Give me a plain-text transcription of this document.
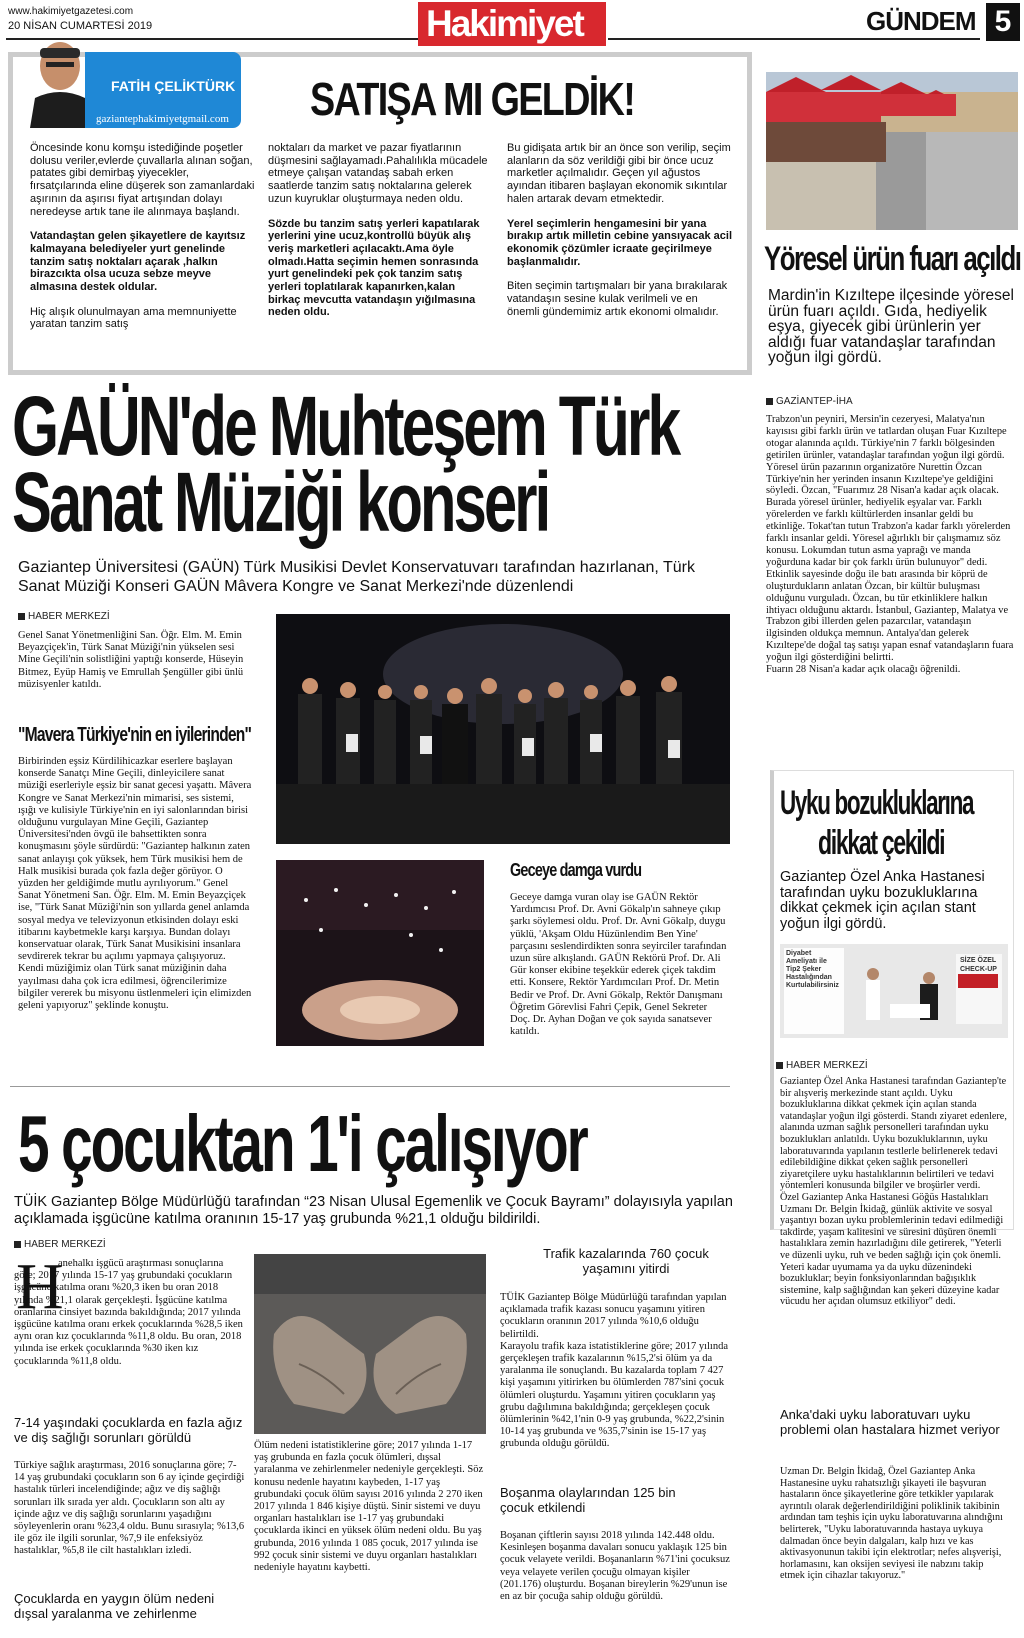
www.hakimiyetgazetesi.com
20 NİSAN CUMARTESİ 2019	Hakimiyet	GÜNDEM 5
FATİH ÇELİKTÜRK
gaziantephakimiyetgmail.com SATIŞA MI GELDİK!
Öncesinde konu komşu istediğinde poşetler dolusu veriler,evlerde çuvallarla alınan soğan, patates gibi demirbaş yiyecekler, fırsatçılarında eline düşerek son zamanlardaki aşırının da aşırısı fiyat artışından dolayı neredeyse artık tane ile alınmaya başlandı.
Vatandaştan gelen şikayetlere de kayıtsız kalmayana belediyeler yurt genelinde tanzim satış noktaları açarak ,halkın birazcıkta olsa ucuza sebze meyve almasına destek oldular.
Hiç alışık olunulmayan ama memnuniyette yaratan tanzim satış
noktaları da market ve pazar fiyatlarının düşmesini sağlayamadı.Pahalılıkla mücadele etmeye çalışan vatandaş sabah erken saatlerde tanzim satış noktalarına gelerek uzun kuyruklar oluşturmaya neden oldu.
Sözde bu tanzim satış yerleri kapatılarak yerlerini yine ucuz,kontrollü büyük alış veriş marketleri açılacaktı.Ama öyle olmadı.Hatta seçimin hemen sonrasında yurt genelindeki pek çok tanzim satış yerleri toplatılarak kapanırken,kalan birkaç mevcutta vatandaşın yığılmasına neden oldu.
Bu gidişata artık bir an önce son verilip, seçim alanların da söz verildiği gibi bir önce ucuz marketler açılmalıdır. Geçen yıl ağustos ayından itibaren başlayan ekonomik sıkıntılar halen artarak devam etmektedir.
Yerel seçimlerin hengamesini bir yana bırakıp artık milletin cebine yansıyacak acil ekonomik çözümler icraate geçirilmeye başlanmalıdır.
Biten seçimin tartışmaları bir yana bırakılarak vatandaşın sesine kulak verilmeli ve en önemli gündemimiz artık ekonomi olmalıdır.
Yöresel ürün fuarı açıldı
Mardin'in Kızıltepe ilçesinde yöresel ürün fuarı açıldı. Gıda, hediyelik eşya, giyecek gibi ürünlerin yer aldığı fuar vatandaşlar tarafından yoğun ilgi gördü.
GAZİANTEP-İHA
Trabzon'un peyniri, Mersin'in cezeryesi, Malatya'nın kayısısı gibi farklı ürün ve tatlardan oluşan Fuar Kızıltepe otogar alanında açıldı. Türkiye'nin 7 farklı bölgesinden getirilen ürünler, vatandaşlar tarafından yoğun ilgi gördü. Yöresel ürün pazarının organizatöre Nurettin Özcan Türkiye'nin her yerinden insanın Kızıltepe'ye geldiğini söyledi. Özcan, "Fuarımız 28 Nisan'a kadar açık olacak. Burada yöresel ürünler, hediyelik eşyalar var. Farklı yörelerden ve farklı kültürlerden insanlar geldi bu etkinliğe. Tokat'tan tutun Trabzon'a kadar farklı yörelerden farklı insanlar geldi. Yöresel ağırlıklı bir çalışmamız söz konusu. Lokumdan tutun asma yaprağı ve manda yoğurduna kadar bir çok farklı ürün bulunuyor" dedi.
Etkinlik sayesinde doğu ile batı arasında bir köprü de oluşturdukların anlatan Özcan, bir kültür buluşması olduğunu vurguladı. Özcan, bu tür etkinliklere halkın ihtiyacı olduğunu aktardı. İstanbul, Gaziantep, Malatya ve Trabzon gibi illerden gelen pazarcılar, vatandaşın ilgisinden oldukça memnun. Antalya'dan gelerek Kızıltepe'de doğal taş satışı yapan esnaf vatandaşların fuara yoğun ilgi gösterdiğini belirtti.
Fuarın 28 Nisan'a kadar açık olacağı öğrenildi.
GAÜN'de Muhteşem Türk
Sanat Müziği konseri
Gaziantep Üniversitesi (GAÜN) Türk Musikisi Devlet Konservatuvarı tarafından hazırlanan, Türk Sanat Müziği Konseri GAÜN Mâvera Kongre ve Sanat Merkezi'nde düzenlendi
HABER MERKEZİ
Genel Sanat Yönetmenliğini San. Öğr. Elm. M. Emin Beyazçiçek'in, Türk Sanat Müziği'nin yükselen sesi Mine Geçili'nin solistliğini yaptığı konserde, Hüseyin Bitmez, Eyüp Hamiş ve Emrullah Şengüller gibi ünlü müzisyenler katıldı.
"Mavera Türkiye'nin en iyilerinden"
Birbirinden eşsiz Kürdilihicazkar eserlere başlayan konserde Sanatçı Mine Geçili, dinleyicilere sanat müziği eserleriyle eşsiz bir sanat gecesi yaşattı. Mâvera Kongre ve Sanat Merkezi'nin mimarisi, ses sistemi, ışığı ve kulisiyle Türkiye'nin en iyi salonlarından birisi olduğunu vurgulayan Mine Geçili, Gaziantep Üniversitesi'nden övgü ile bahsettikten sonra konuşmasını şöyle sürdürdü: "Gaziantep halkının zaten sanat anlayışı çok yüksek, hem Türk musikisi hem de Halk musikisi burada çok fazla değer görüyor. O yüzden her geldiğimde mutlu ayrılıyorum." Genel Sanat Yönetmeni San. Öğr. Elm. M. Emin Beyazçiçek ise, "Türk Sanat Müziği'nin son yıllarda genel anlamda sosyal medya ve televizyonun etkisinden dolayı eski itibarını kaybetmekle karşı karşıya. Bundan dolayı konservatuar olarak, Türk Sanat Musikisini insanlara sevdirerek tekrar bu açılımı yapmaya çalışıyoruz. Kendi müziğimiz olan Türk sanat müziğinin daha yayılması daha çok icra edilmesi, öğrencilerimize bilgiler vererek bu misyonu üstlenmeleri için elimizden geleni yapıyoruz" şeklinde konuştu.
Geceye damga vurdu
Geceye damga vuran olay ise GAÜN Rektör Yardımcısı Prof. Dr. Avni Gökalp'ın sahneye çıkıp şarkı söylemesi oldu. Prof. Dr. Avni Gökalp, duygu yüklü, 'Akşam Oldu Hüzünlendim Ben Yine' parçasını seslendirdikten sonra seyirciler tarafından uzun süre alkışlandı. GAÜN Rektörü Prof. Dr. Ali Gür konser ekibine teşekkür ederek çiçek takdim etti. Konsere, Rektör Yardımcıları Prof. Dr. Metin Bedir ve Prof. Dr. Avni Gökalp, Rektör Danışmanı Öğretim Görevlisi Fahri Çepik, Genel Sekreter Doç. Dr. Ayhan Doğan ve çok sayıda sanatsever katıldı.
Uyku bozukluklarına
dikkat çekildi
Gaziantep Özel Anka Hastanesi tarafından uyku bozukluklarına dikkat çekmek için açılan stant yoğun ilgi gördü.
Diyabet Ameliyatı ile Tip2 Şeker Hastalığından Kurtulabilirsiniz
SİZE ÖZEL CHECK-UP
HABER MERKEZİ
Gaziantep Özel Anka Hastanesi tarafından Gaziantep'te bir alışveriş merkezinde stant açıldı. Uyku bozukluklarına dikkat çekmek için açılan standa vatandaşlar yoğun ilgi gösterdi. Standı ziyaret edenlere, alanında uzman sağlık personelleri tarafından uyku bozuklukları anlatıldı. Uyku bozukluklarının, uyku laboratuvarında yapılanın testlerle belirlenerek tedavi edilebildiğine dikkat çeken sağlık personelleri ziyaretçilere uyku hastalıklarının belirtileri ve tedavi yöntemleri konusunda bilgiler ve broşürler verdi.
Özel Gaziantep Anka Hastanesi Göğüs Hastalıkları Uzmanı Dr. Belgin İkidağ, günlük aktivite ve sosyal yaşantıyı bozan uyku problemlerinin tedavi edilmediği takdirde, yaşam kalitesini ve süresini düşüren önemli hastalıklara zemin hazırladığını dile getirerek, "Yeterli ve düzenli uyku, ruh ve beden sağlığı için çok önemli. Yeteri kadar uyumama ya da uyku düzenindeki bozukluklar; beyin fonksiyonlarından bağışıklık sistemine, kalp sağlığından kan şekeri düzeyine kadar vücudu her açıdan olumsuz etkiliyor" dedi.
Anka'daki uyku laboratuvarı uyku problemi olan hastalara hizmet veriyor
Uzman Dr. Belgin İkidağ, Özel Gaziantep Anka Hastanesine uyku rahatsızlığı şikayeti ile başvuran hastaların önce şikayetlerine göre tetkikler yapılarak ayrıntılı olarak değerlendirildiğini poliklinik takibinin ardından tam teşhis için uyku laboratuvarına alındığını belirterek, "Uyku laboratuvarında hastaya uykuya dalmadan önce beyin dalgaları, kalp hızı ve kas aktivasyonunun takibi için elektrotlar; nefes alışverişi, horlamasını, kan oksijen seviyesi ile nabzını takip etmek için cihazlar takıyoruz."
5 çocuktan 1'i çalışıyor
TÜİK Gaziantep Bölge Müdürlüğü tarafından “23 Nisan Ulusal Egemenlik ve Çocuk Bayramı” dolayısıyla yapılan açıklamada işgücüne katılma oranının 15-17 yaş grubunda %21,1 olduğu bildirildi.
HABER MERKEZİ
H
anehalkı işgücü araştırması sonuçlarına göre; 2017 yılında 15-17 yaş grubundaki çocukların işgücüne katılma oranı %20,3 iken bu oran 2018 yılında %21,1 olarak gerçekleşti. İşgücüne katılma oranlarına cinsiyet bazında bakıldığında; 2017 yılında işgücüne katılma oranı erkek çocuklarında %28,5 iken aynı oran kız çocuklarında %11,8 oldu. Bu oran, 2018 yılında ise erkek çocuklarında %30 iken kız çocuklarında %11,8 oldu.
7-14 yaşındaki çocuklarda en fazla ağız ve diş sağlığı sorunları görüldü
Türkiye sağlık araştırması, 2016 sonuçlarına göre; 7-14 yaş grubundaki çocukların son 6 ay içinde geçirdiği hastalık türleri incelendiğinde; ağız ve diş sağlığı sorunları ilk sırada yer aldı. Çocukların son altı ay içinde ağız ve diş sağlığı sorunlarını yaşadığını söyleyenlerin oranı %23,4 oldu. Bunu sırasıyla; %13,6 ile göz ile ilgili sorunlar, %7,9 ile enfeksiyöz hastalıklar, %5,8 ile cilt hastalıkları izledi.
Çocuklarda en yaygın ölüm nedeni dışsal yaralanma ve zehirlenme
Ölüm nedeni istatistiklerine göre; 2017 yılında 1-17 yaş grubunda en fazla çocuk ölümleri, dışsal yaralanma ve zehirlenmeler nedeniyle gerçekleşti. Söz konusu nedenle hayatını kaybeden, 1-17 yaş grubundaki çocuk ölüm sayısı 2016 yılında 2 270 iken 2017 yılında 1 846 kişiye düştü. Sinir sistemi ve duyu organları hastalıkları ise 1-17 yaş grubundaki çocuklarda ikinci en yüksek ölüm nedeni oldu. Bu yaş grubunda, 2016 yılında 1 085 çocuk, 2017 yılında ise 992 çocuk sinir sistemi ve duyu organları hastalıkları nedeniyle hayatını kaybetti.
Trafik kazalarında 760 çocuk yaşamını yitirdi
TÜİK Gaziantep Bölge Müdürlüğü tarafından yapılan açıklamada trafik kazası sonucu yaşamını yitiren çocukların oranının 2017 yılında %10,6 olduğu belirtildi.
Karayolu trafik kaza istatistiklerine göre; 2017 yılında gerçekleşen trafik kazalarının %15,2'si ölüm ya da yaralanma ile sonuçlandı. Bu kazalarda toplam 7 427 kişi yaşamını yitirirken bu ölümlerden 787'sini çocuk ölümleri oluşturdu. Yaşamını yitiren çocukların yaş grubu dağılımına bakıldığında; gerçekleşen çocuk ölümlerinin %42,1'nin 0-9 yaş grubunda, %22,2'sinin 10-14 yaş grubunda ve %35,7'sinin ise 15-17 yaş grubunda olduğu görüldü.
Boşanma olaylarından 125 bin çocuk etkilendi
Boşanan çiftlerin sayısı 2018 yılında 142.448 oldu. Kesinleşen boşanma davaları sonucu yaklaşık 125 bin çocuk velayete verildi. Boşananların %71'ini çocuksuz veya velayete verilen çocuğu olmayan kişiler (201.176) oluşturdu. Boşanan bireylerin %29'unun ise en az bir çocuğa sahip olduğu görüldü.
